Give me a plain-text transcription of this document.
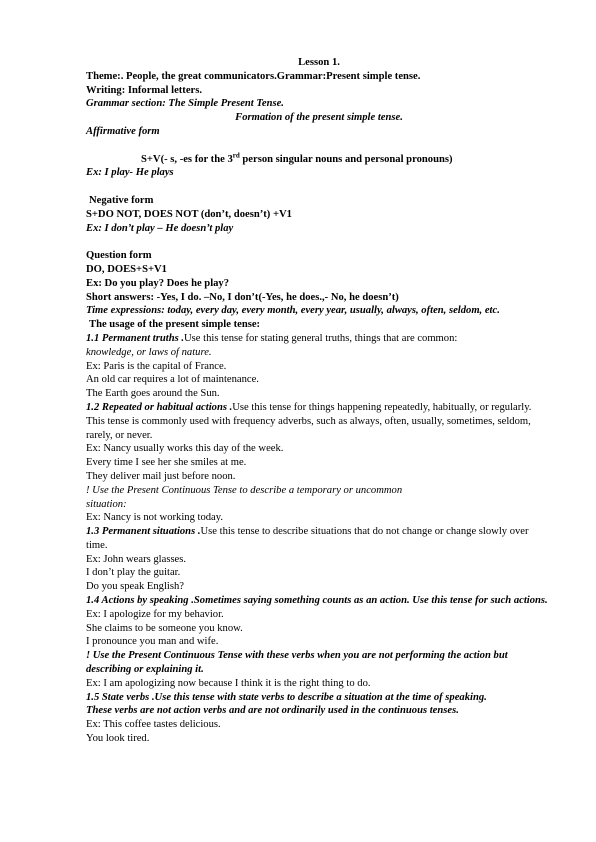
Lesson 1.
Theme:. People, the great communicators.Grammar:Present simple tense.
Writing: Informal letters.
Grammar section: The Simple Present Tense.
Formation of the present simple tense.
Affirmative form
S+V(- s, -es for the 3rd person singular nouns and personal pronouns)
Ex: I play- He plays
Negative form
S+DO NOT, DOES NOT (don’t, doesn’t) +V1
Ex: I don’t play – He doesn’t play
Question form
DO, DOES+S+V1
Ex: Do you play? Does he play?
Short answers: -Yes, I do. –No, I don’t(-Yes, he does.,- No, he doesn’t)
Time expressions: today, every day, every month, every year, usually, always, often, seldom, etc.
The usage of the present simple tense:
1.1 Permanent truths .Use this tense for stating general truths, things that are common:
knowledge, or laws of nature.
Ex: Paris is the capital of France.
An old car requires a lot of maintenance.
The Earth goes around the Sun.
1.2 Repeated or habitual actions .Use this tense for things happening repeatedly, habitually, or regularly. This tense is commonly used with frequency adverbs, such as always, often, usually, sometimes, seldom, rarely, or never.
Ex: Nancy usually works this day of the week.
Every time I see her she smiles at me.
They deliver mail just before noon.
! Use the Present Continuous Tense to describe a temporary or uncommon
situation:
Ex: Nancy is not working today.
1.3 Permanent situations .Use this tense to describe situations that do not change or change slowly over time.
Ex: John wears glasses.
I don’t play the guitar.
Do you speak English?
1.4 Actions by speaking .Sometimes saying something counts as an action. Use this tense for such actions.
Ex: I apologize for my behavior.
She claims to be someone you know.
I pronounce you man and wife.
! Use the Present Continuous Tense with these verbs when you are not performing the action but describing or explaining it.
Ex: I am apologizing now because I think it is the right thing to do.
1.5 State verbs .Use this tense with state verbs to describe a situation at the time of speaking.
These verbs are not action verbs and are not ordinarily used in the continuous tenses.
Ex: This coffee tastes delicious.
You look tired.
